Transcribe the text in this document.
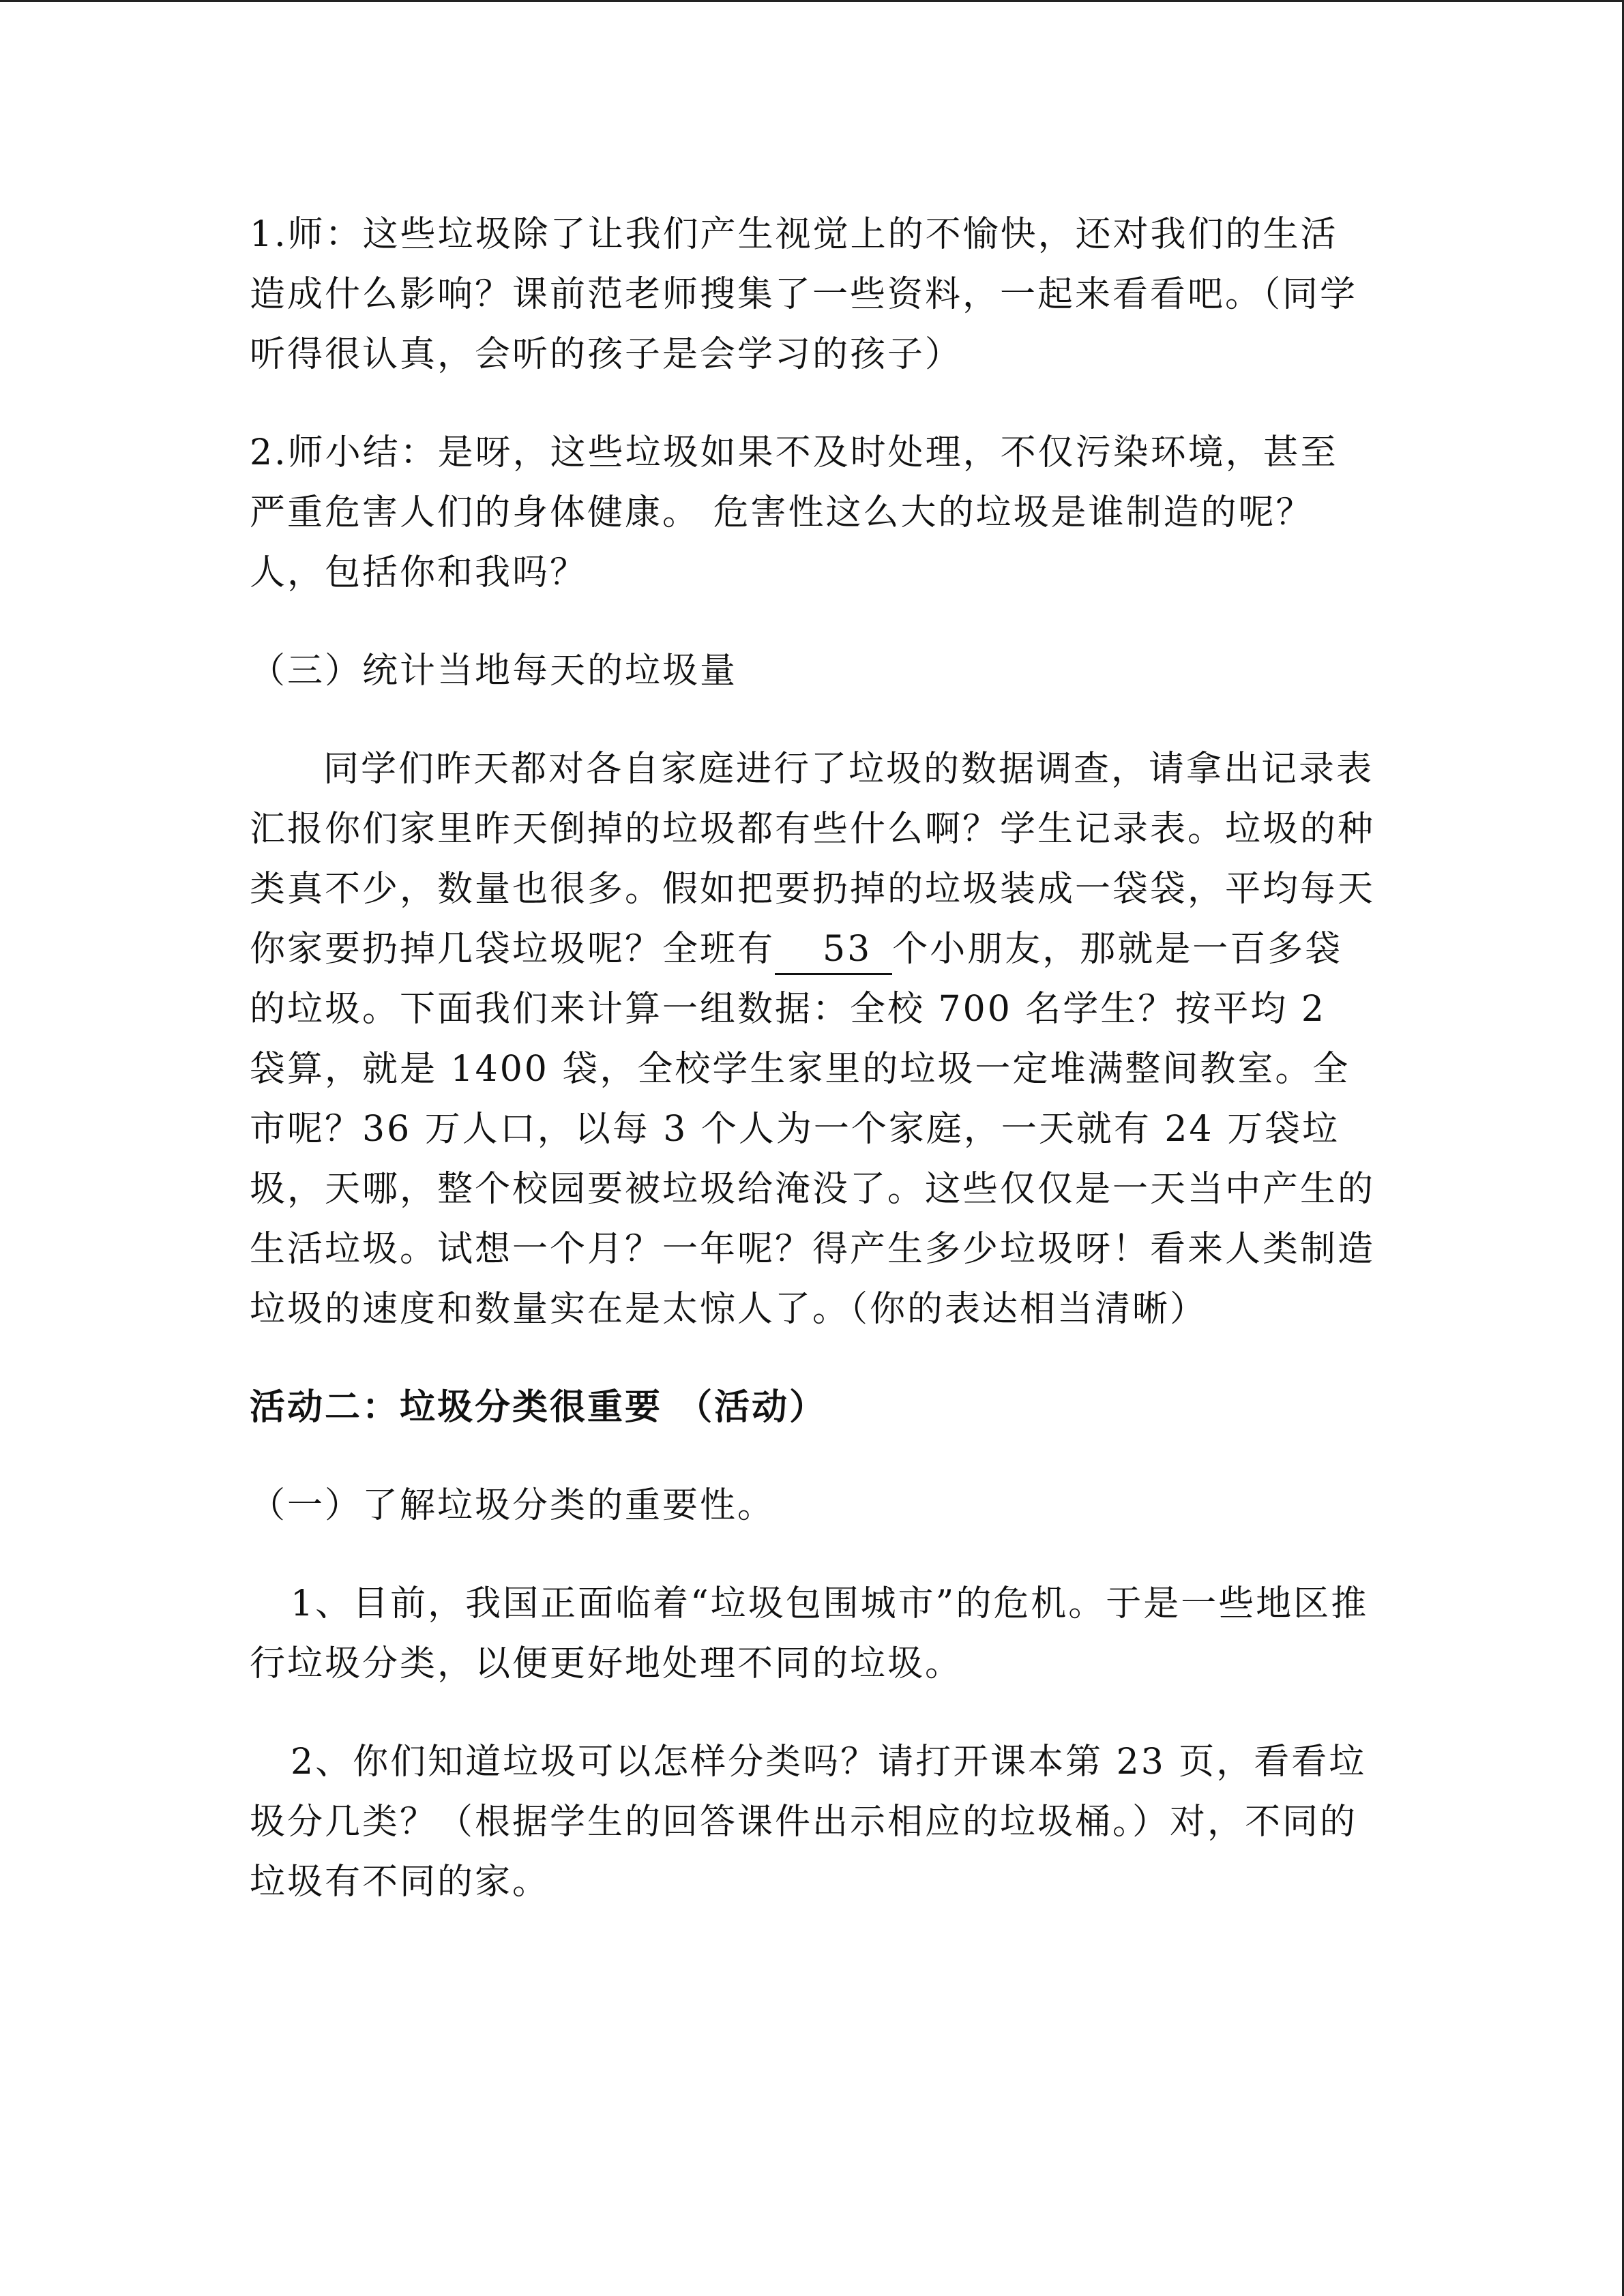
1.师：这些垃圾除了让我们产生视觉上的不愉快，还对我们的生活造成什么影响？课前范老师搜集了一些资料，一起来看看吧。（同学听得很认真，会听的孩子是会学习的孩子）

2.师小结：是呀，这些垃圾如果不及时处理，不仅污染环境，甚至严重危害人们的身体健康。 危害性这么大的垃圾是谁制造的呢？人，包括你和我吗？

（三）统计当地每天的垃圾量

同学们昨天都对各自家庭进行了垃圾的数据调查，请拿出记录表汇报你们家里昨天倒掉的垃圾都有些什么啊？学生记录表。垃圾的种类真不少，数量也很多。假如把要扔掉的垃圾装成一袋袋，平均每天你家要扔掉几袋垃圾呢？全班有 53 个小朋友，那就是一百多袋的垃圾。下面我们来计算一组数据：全校 700 名学生？按平均 2 袋算，就是 1400 袋，全校学生家里的垃圾一定堆满整间教室。全市呢？36 万人口，以每 3 个人为一个家庭，一天就有 24 万袋垃圾，天哪，整个校园要被垃圾给淹没了。这些仅仅是一天当中产生的生活垃圾。试想一个月？一年呢？得产生多少垃圾呀！看来人类制造垃圾的速度和数量实在是太惊人了。（你的表达相当清晰）

活动二：垃圾分类很重要 （活动）

（一）了解垃圾分类的重要性。

1、目前，我国正面临着“垃圾包围城市”的危机。于是一些地区推行垃圾分类，以便更好地处理不同的垃圾。

2、你们知道垃圾可以怎样分类吗？请打开课本第 23 页，看看垃圾分几类？（根据学生的回答课件出示相应的垃圾桶。）对，不同的垃圾有不同的家。
